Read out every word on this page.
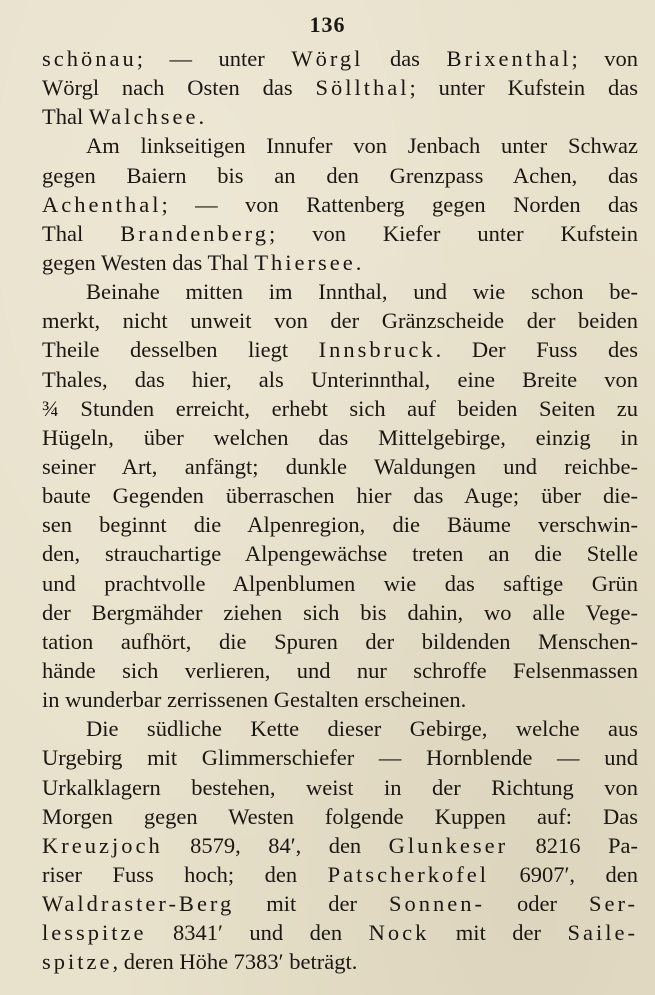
136
schönau; — unter Wörgl das Brixenthal; von
Wörgl nach Osten das Söllthal; unter Kufstein das
Thal Walchsee.
Am linkseitigen Innufer von Jenbach unter Schwaz
gegen Baiern bis an den Grenzpass Achen, das
Achenthal; — von Rattenberg gegen Norden das
Thal Brandenberg; von Kiefer unter Kufstein
gegen Westen das Thal Thiersee.
Beinahe mitten im Innthal, und wie schon be-
merkt, nicht unweit von der Gränzscheide der beiden
Theile desselben liegt Innsbruck. Der Fuss des
Thales, das hier, als Unterinnthal, eine Breite von
¾ Stunden erreicht, erhebt sich auf beiden Seiten zu
Hügeln, über welchen das Mittelgebirge, einzig in
seiner Art, anfängt; dunkle Waldungen und reichbe-
baute Gegenden überraschen hier das Auge; über die-
sen beginnt die Alpenregion, die Bäume verschwin-
den, strauchartige Alpengewächse treten an die Stelle
und prachtvolle Alpenblumen wie das saftige Grün
der Bergmähder ziehen sich bis dahin, wo alle Vege-
tation aufhört, die Spuren der bildenden Menschen-
hände sich verlieren, und nur schroffe Felsenmassen
in wunderbar zerrissenen Gestalten erscheinen.
Die südliche Kette dieser Gebirge, welche aus
Urgebirg mit Glimmerschiefer — Hornblende — und
Urkalklagern bestehen, weist in der Richtung von
Morgen gegen Westen folgende Kuppen auf: Das
Kreuzjoch 8579, 84′, den Glunkeser 8216 Pa-
riser Fuss hoch; den Patscherkofel 6907′, den
Waldraster-Berg mit der Sonnen- oder Ser-
lesspitze 8341′ und den Nock mit der Saile-
spitze, deren Höhe 7383′ beträgt.
